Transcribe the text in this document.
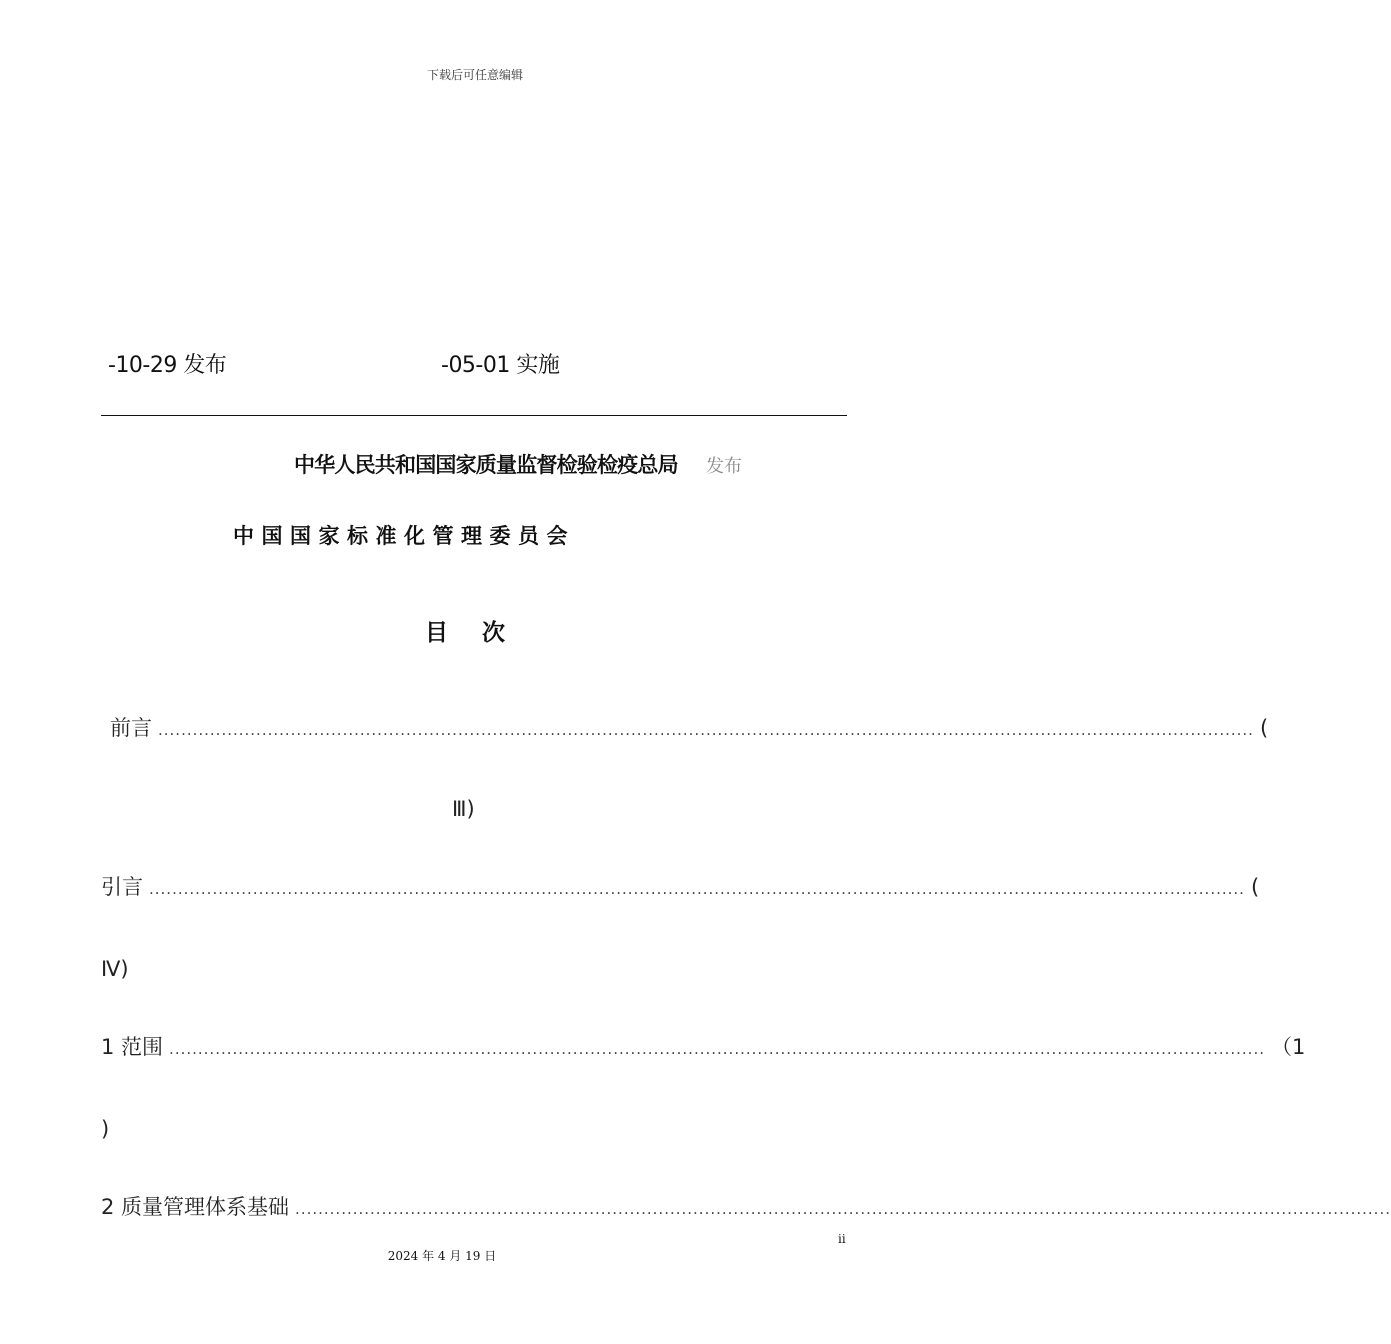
下载后可任意编辑
-10-29 发布	-05-01 实施
中华人民共和国国家质量监督检验检疫总局 发布
中国国家标准化管理委员会
目次
前言 .............................................................................................................................................................................................. (
Ⅲ)
引言 .............................................................................................................................................................................................. (
Ⅳ)
1 范围 .............................................................................................................................................................................................. （1
)
2 质量管理体系基础 ..............................................................................................................................................................................................
ii
2024 年 4 月 19 日
